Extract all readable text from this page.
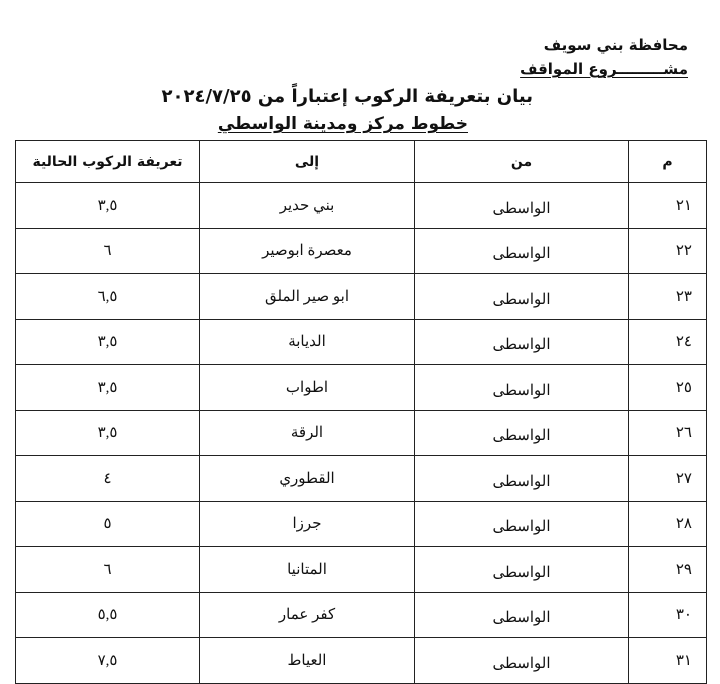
محافظة بني سويف
مشـــــــــروع المواقف
بيان بتعريفة الركوب إعتباراً من ٢٠٢٤/٧/٢٥
خطوط مركز ومدينة الواسطي
م	من	إلى	تعريفة الركوب الحالية
٢١	الواسطى	بني حدير	٣,٥
٢٢	الواسطى	معصرة ابوصير	٦
٢٣	الواسطى	ابو صير الملق	٦,٥
٢٤	الواسطى	الديابة	٣,٥
٢٥	الواسطى	اطواب	٣,٥
٢٦	الواسطى	الرقة	٣,٥
٢٧	الواسطى	القطوري	٤
٢٨	الواسطى	جرزا	٥
٢٩	الواسطى	المتانيا	٦
٣٠	الواسطى	كفر عمار	٥,٥
٣١	الواسطى	العياط	٧,٥
